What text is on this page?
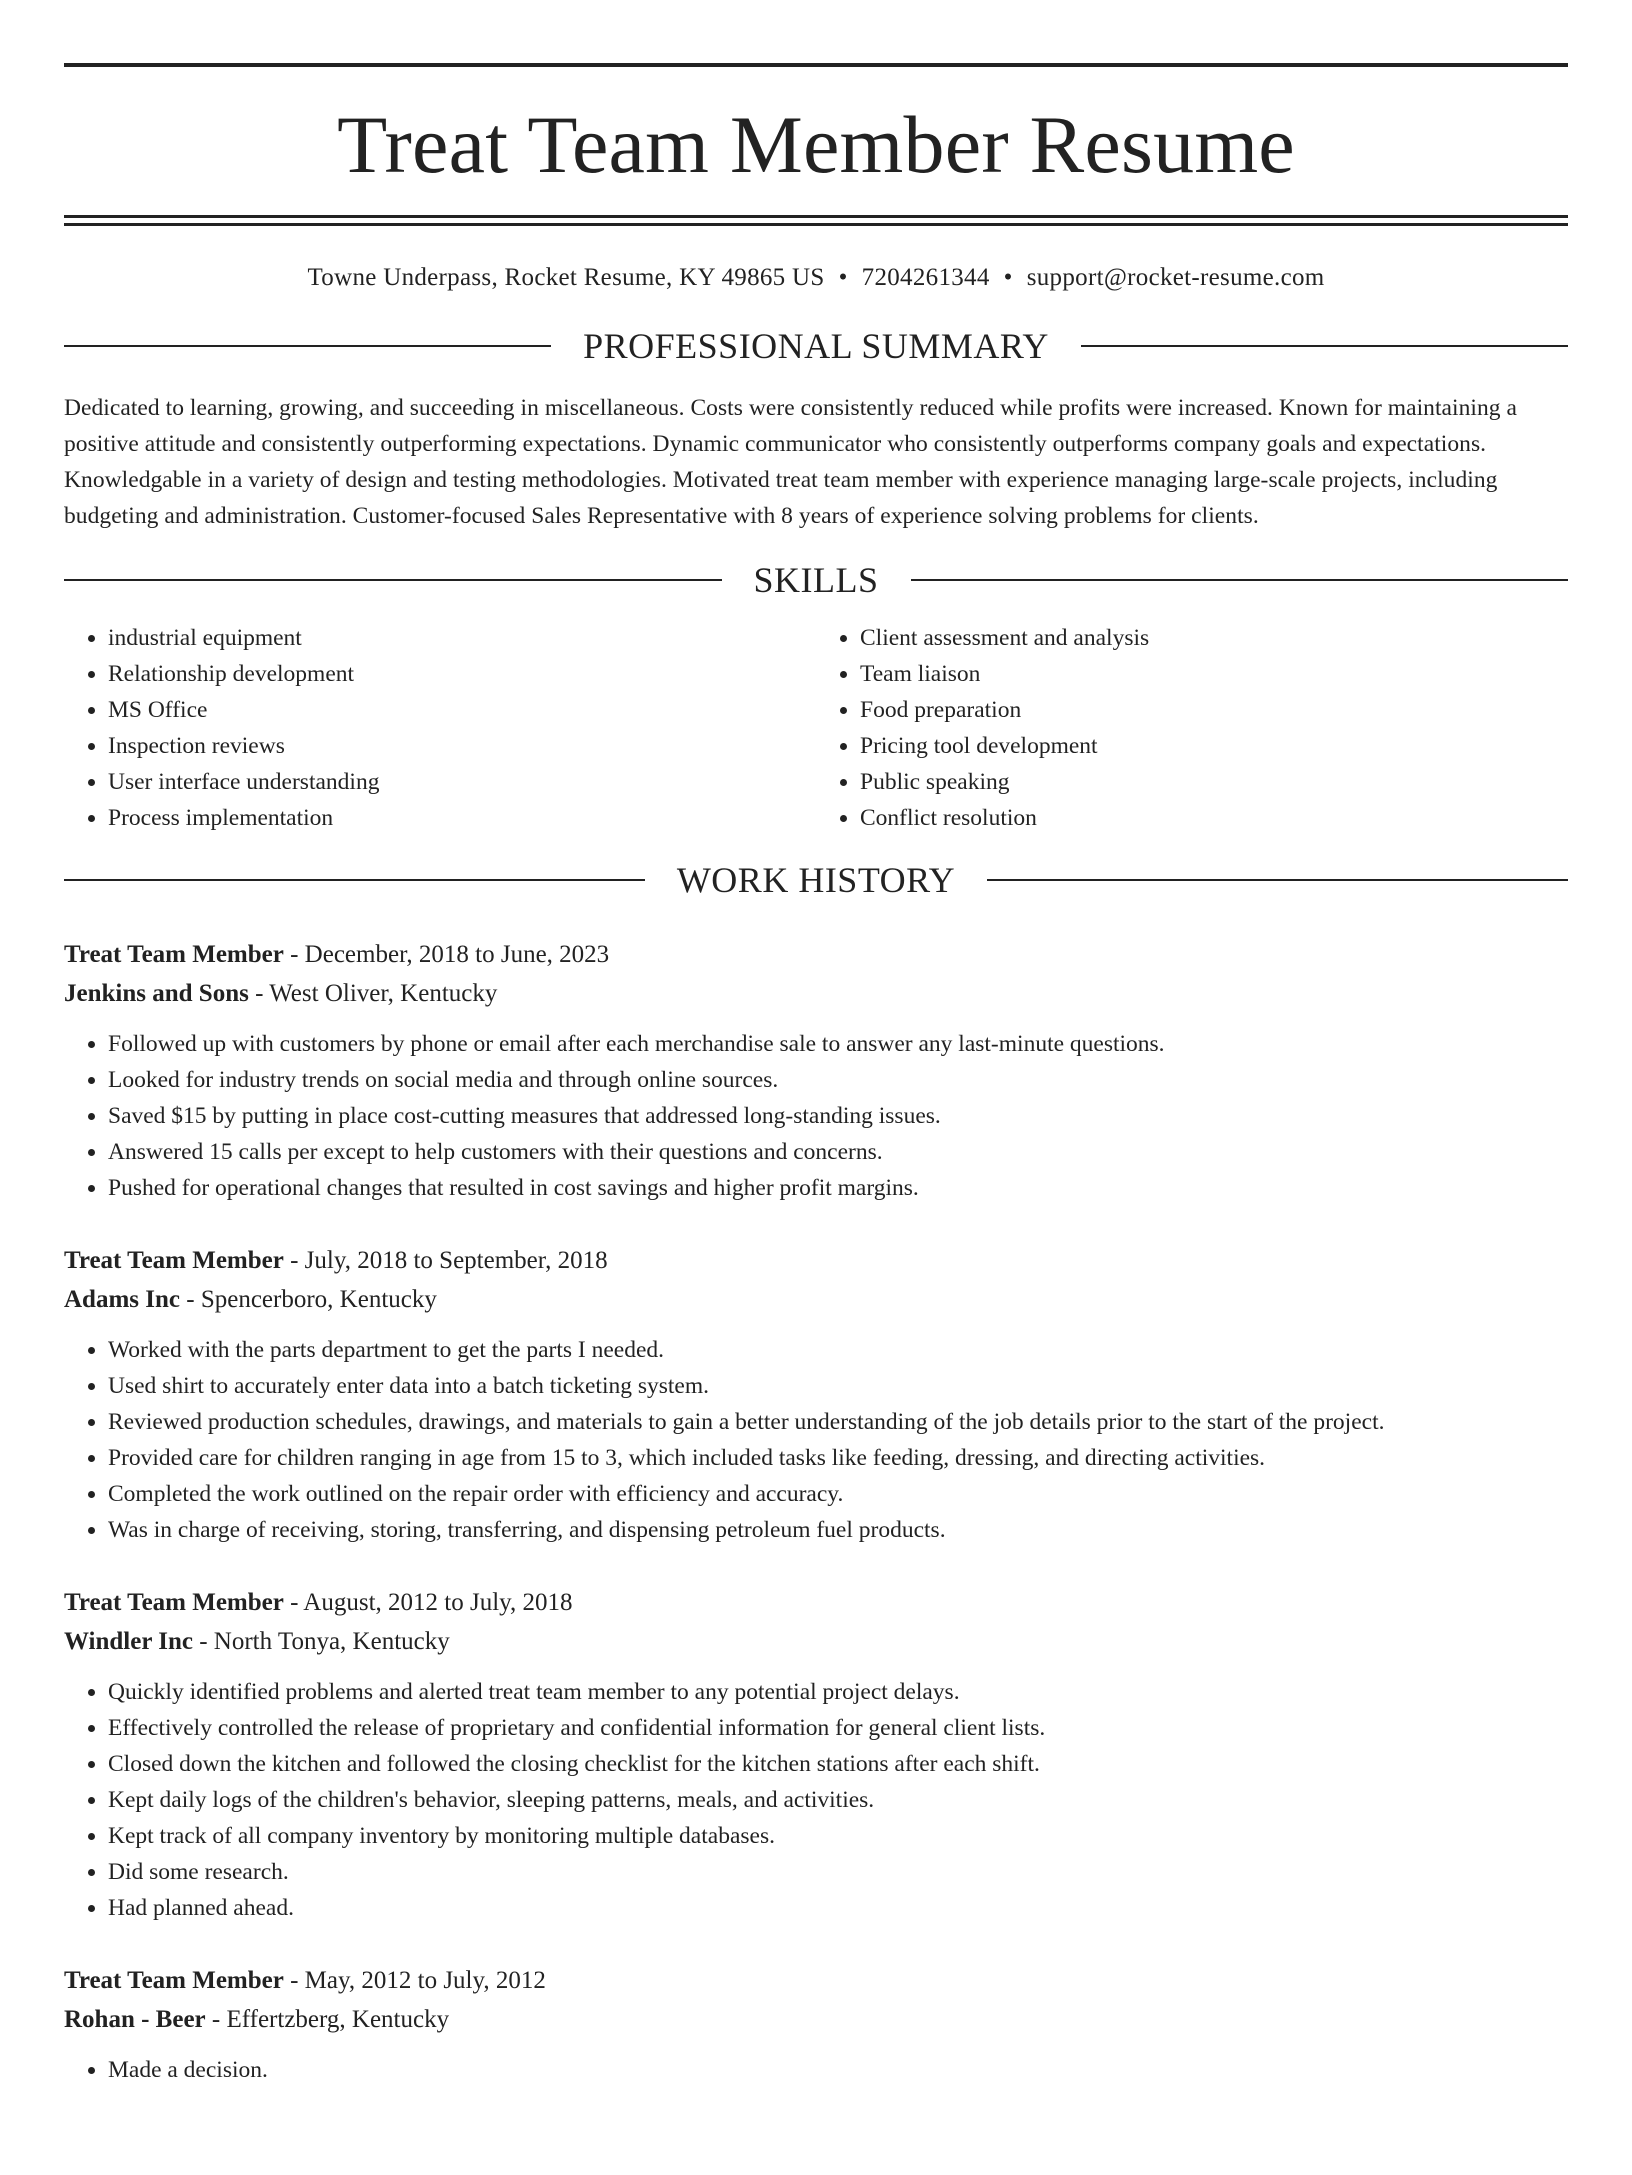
Treat Team Member Resume
Towne Underpass, Rocket Resume, KY 49865 US • 7204261344 • support@rocket-resume.com
PROFESSIONAL SUMMARY
Dedicated to learning, growing, and succeeding in miscellaneous. Costs were consistently reduced while profits were increased. Known for maintaining a positive attitude and consistently outperforming expectations. Dynamic communicator who consistently outperforms company goals and expectations. Knowledgable in a variety of design and testing methodologies. Motivated treat team member with experience managing large-scale projects, including budgeting and administration. Customer-focused Sales Representative with 8 years of experience solving problems for clients.
SKILLS
• industrial equipment
• Relationship development
• MS Office
• Inspection reviews
• User interface understanding
• Process implementation
• Client assessment and analysis
• Team liaison
• Food preparation
• Pricing tool development
• Public speaking
• Conflict resolution
WORK HISTORY
Treat Team Member - December, 2018 to June, 2023
Jenkins and Sons - West Oliver, Kentucky
• Followed up with customers by phone or email after each merchandise sale to answer any last-minute questions.
• Looked for industry trends on social media and through online sources.
• Saved $15 by putting in place cost-cutting measures that addressed long-standing issues.
• Answered 15 calls per except to help customers with their questions and concerns.
• Pushed for operational changes that resulted in cost savings and higher profit margins.
Treat Team Member - July, 2018 to September, 2018
Adams Inc - Spencerboro, Kentucky
• Worked with the parts department to get the parts I needed.
• Used shirt to accurately enter data into a batch ticketing system.
• Reviewed production schedules, drawings, and materials to gain a better understanding of the job details prior to the start of the project.
• Provided care for children ranging in age from 15 to 3, which included tasks like feeding, dressing, and directing activities.
• Completed the work outlined on the repair order with efficiency and accuracy.
• Was in charge of receiving, storing, transferring, and dispensing petroleum fuel products.
Treat Team Member - August, 2012 to July, 2018
Windler Inc - North Tonya, Kentucky
• Quickly identified problems and alerted treat team member to any potential project delays.
• Effectively controlled the release of proprietary and confidential information for general client lists.
• Closed down the kitchen and followed the closing checklist for the kitchen stations after each shift.
• Kept daily logs of the children's behavior, sleeping patterns, meals, and activities.
• Kept track of all company inventory by monitoring multiple databases.
• Did some research.
• Had planned ahead.
Treat Team Member - May, 2012 to July, 2012
Rohan - Beer - Effertzberg, Kentucky
• Made a decision.
